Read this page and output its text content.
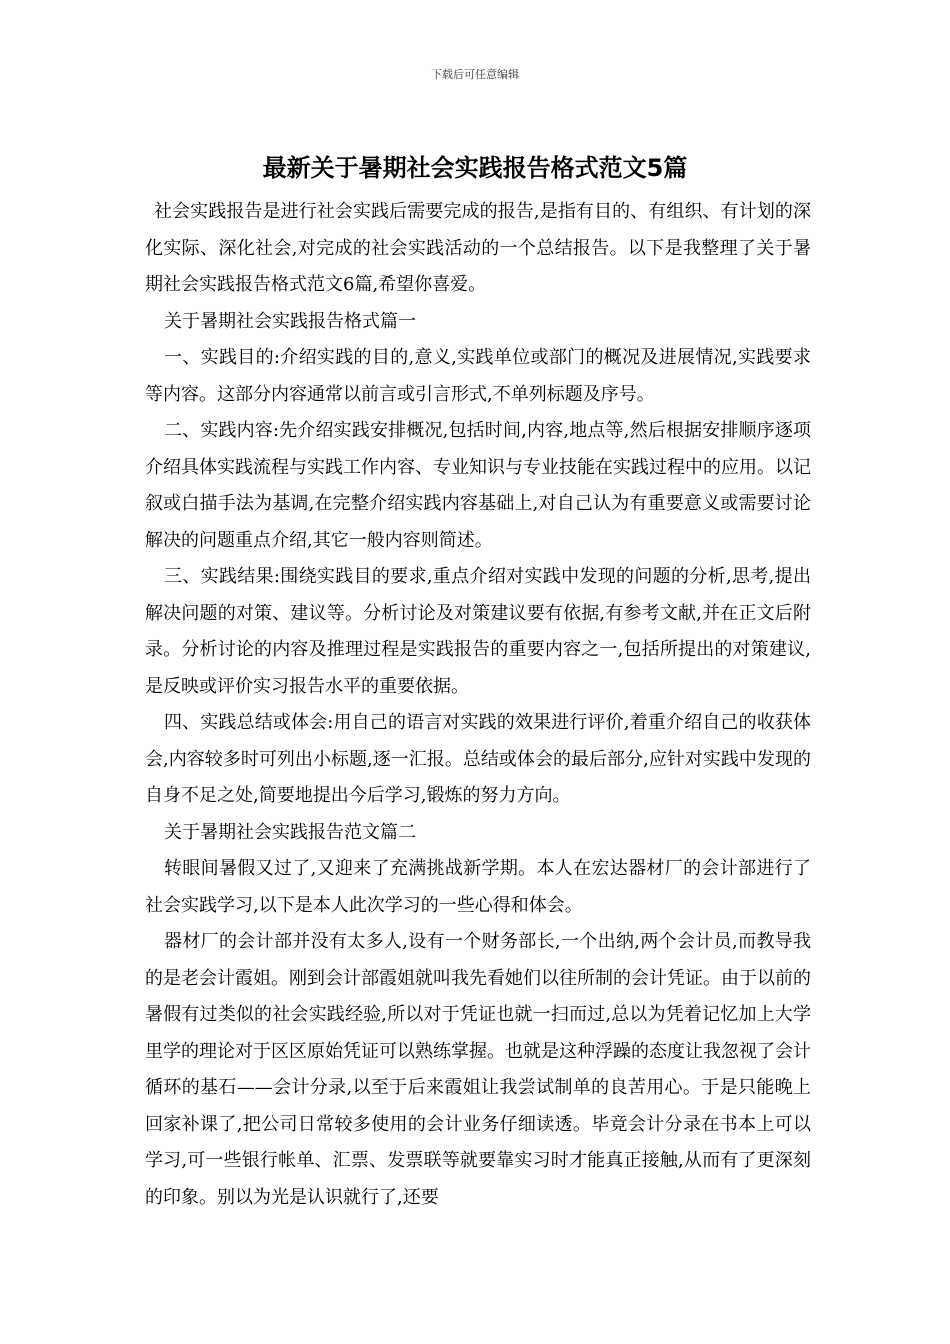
下载后可任意编辑
最新关于暑期社会实践报告格式范文5篇

社会实践报告是进行社会实践后需要完成的报告,是指有目的、有组织、有计划的深化实际、深化社会,对完成的社会实践活动的一个总结报告。以下是我整理了关于暑期社会实践报告格式范文6篇,希望你喜爱。

关于暑期社会实践报告格式篇一

一、实践目的:介绍实践的目的,意义,实践单位或部门的概况及进展情况,实践要求等内容。这部分内容通常以前言或引言形式,不单列标题及序号。

二、实践内容:先介绍实践安排概况,包括时间,内容,地点等,然后根据安排顺序逐项介绍具体实践流程与实践工作内容、专业知识与专业技能在实践过程中的应用。以记叙或白描手法为基调,在完整介绍实践内容基础上,对自己认为有重要意义或需要讨论解决的问题重点介绍,其它一般内容则简述。

三、实践结果:围绕实践目的要求,重点介绍对实践中发现的问题的分析,思考,提出解决问题的对策、建议等。分析讨论及对策建议要有依据,有参考文献,并在正文后附录。分析讨论的内容及推理过程是实践报告的重要内容之一,包括所提出的对策建议,是反映或评价实习报告水平的重要依据。

四、实践总结或体会:用自己的语言对实践的效果进行评价,着重介绍自己的收获体会,内容较多时可列出小标题,逐一汇报。总结或体会的最后部分,应针对实践中发现的自身不足之处,简要地提出今后学习,锻炼的努力方向。

关于暑期社会实践报告范文篇二

转眼间暑假又过了,又迎来了充满挑战新学期。本人在宏达器材厂的会计部进行了社会实践学习,以下是本人此次学习的一些心得和体会。

器材厂的会计部并没有太多人,设有一个财务部长,一个出纳,两个会计员,而教导我的是老会计霞姐。刚到会计部霞姐就叫我先看她们以往所制的会计凭证。由于以前的暑假有过类似的社会实践经验,所以对于凭证也就一扫而过,总以为凭着记忆加上大学里学的理论对于区区原始凭证可以熟练掌握。也就是这种浮躁的态度让我忽视了会计循环的基石——会计分录,以至于后来霞姐让我尝试制单的良苦用心。于是只能晚上回家补课了,把公司日常较多使用的会计业务仔细读透。毕竟会计分录在书本上可以学习,可一些银行帐单、汇票、发票联等就要靠实习时才能真正接触,从而有了更深刻的印象。别以为光是认识就行了,还要
